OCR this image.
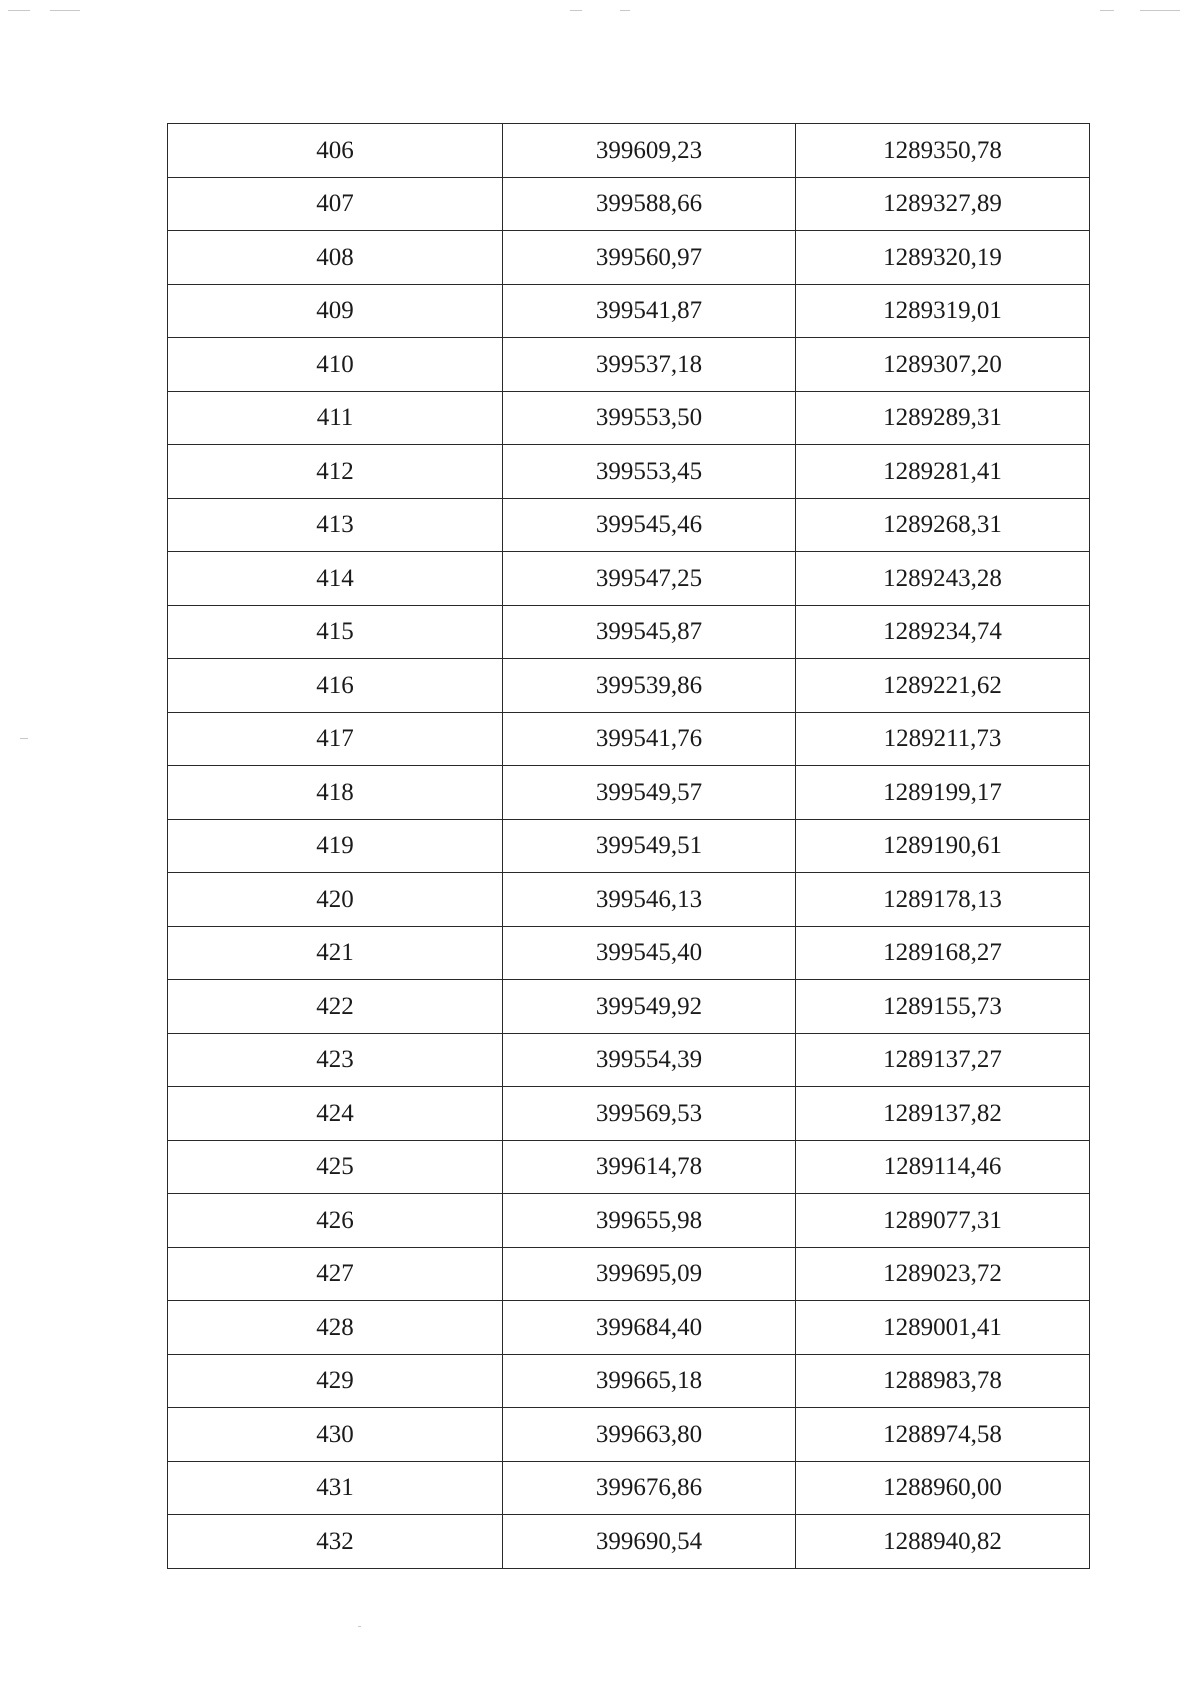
406	399609,23	1289350,78
407	399588,66	1289327,89
408	399560,97	1289320,19
409	399541,87	1289319,01
410	399537,18	1289307,20
411	399553,50	1289289,31
412	399553,45	1289281,41
413	399545,46	1289268,31
414	399547,25	1289243,28
415	399545,87	1289234,74
416	399539,86	1289221,62
417	399541,76	1289211,73
418	399549,57	1289199,17
419	399549,51	1289190,61
420	399546,13	1289178,13
421	399545,40	1289168,27
422	399549,92	1289155,73
423	399554,39	1289137,27
424	399569,53	1289137,82
425	399614,78	1289114,46
426	399655,98	1289077,31
427	399695,09	1289023,72
428	399684,40	1289001,41
429	399665,18	1288983,78
430	399663,80	1288974,58
431	399676,86	1288960,00
432	399690,54	1288940,82
